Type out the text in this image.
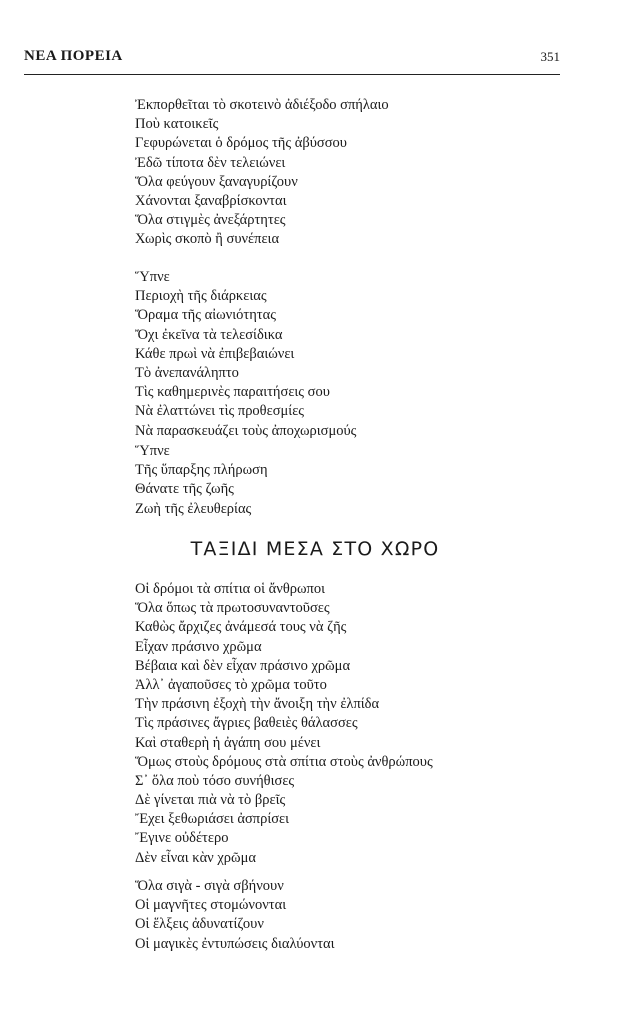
ΝΕΑ ΠΟΡΕΙΑ	351
Ἐκπορθεῖται τὸ σκοτεινὸ ἀδιέξοδο σπήλαιο
Ποὺ κατοικεῖς
Γεφυρώνεται ὁ δρόμος τῆς ἀβύσσου
Ἐδῶ τίποτα δὲν τελειώνει
Ὅλα φεύγουν ξαναγυρίζουν
Χάνονται ξαναβρίσκονται
Ὅλα στιγμὲς ἀνεξάρτητες
Χωρὶς σκοπὸ ἢ συνέπεια
Ὕπνε
Περιοχὴ τῆς διάρκειας
Ὅραμα τῆς αἰωνιότητας
Ὄχι ἐκεῖνα τὰ τελεσίδικα
Κάθε πρωὶ νὰ ἐπιβεβαιώνει
Τὸ ἀνεπανάληπτο
Τὶς καθημερινὲς παραιτήσεις σου
Νὰ ἐλαττώνει τὶς προθεσμίες
Νὰ παρασκευάζει τοὺς ἀποχωρισμούς
Ὕπνε
Τῆς ὕπαρξης πλήρωση
Θάνατε τῆς ζωῆς
Ζωὴ τῆς ἐλευθερίας
ΤΑΞΙΔΙ ΜΕΣΑ ΣΤΟ ΧΩΡΟ
Οἱ δρόμοι τὰ σπίτια οἱ ἄνθρωποι
Ὅλα ὅπως τὰ πρωτοσυναντοῦσες
Καθὼς ἄρχιζες ἀνάμεσά τους νὰ ζῆς
Εἶχαν πράσινο χρῶμα
Βέβαια καὶ δὲν εἶχαν πράσινο χρῶμα
Ἀλλ᾽ ἀγαποῦσες τὸ χρῶμα τοῦτο
Τὴν πράσινη ἐξοχὴ τὴν ἄνοιξη τὴν ἐλπίδα
Τὶς πράσινες ἄγριες βαθειὲς θάλασσες
Καὶ σταθερὴ ἡ ἀγάπη σου μένει
Ὅμως στοὺς δρόμους στὰ σπίτια στοὺς ἀνθρώπους
Σ᾽ ὅλα ποὺ τόσο συνήθισες
Δὲ γίνεται πιὰ νὰ τὸ βρεῖς
Ἔχει ξεθωριάσει ἀσπρίσει
Ἔγινε οὐδέτερο
Δὲν εἶναι κὰν χρῶμα
Ὅλα σιγὰ - σιγὰ σβήνουν
Οἱ μαγνῆτες στομώνονται
Οἱ ἕλξεις ἀδυνατίζουν
Οἱ μαγικὲς ἐντυπώσεις διαλύονται
